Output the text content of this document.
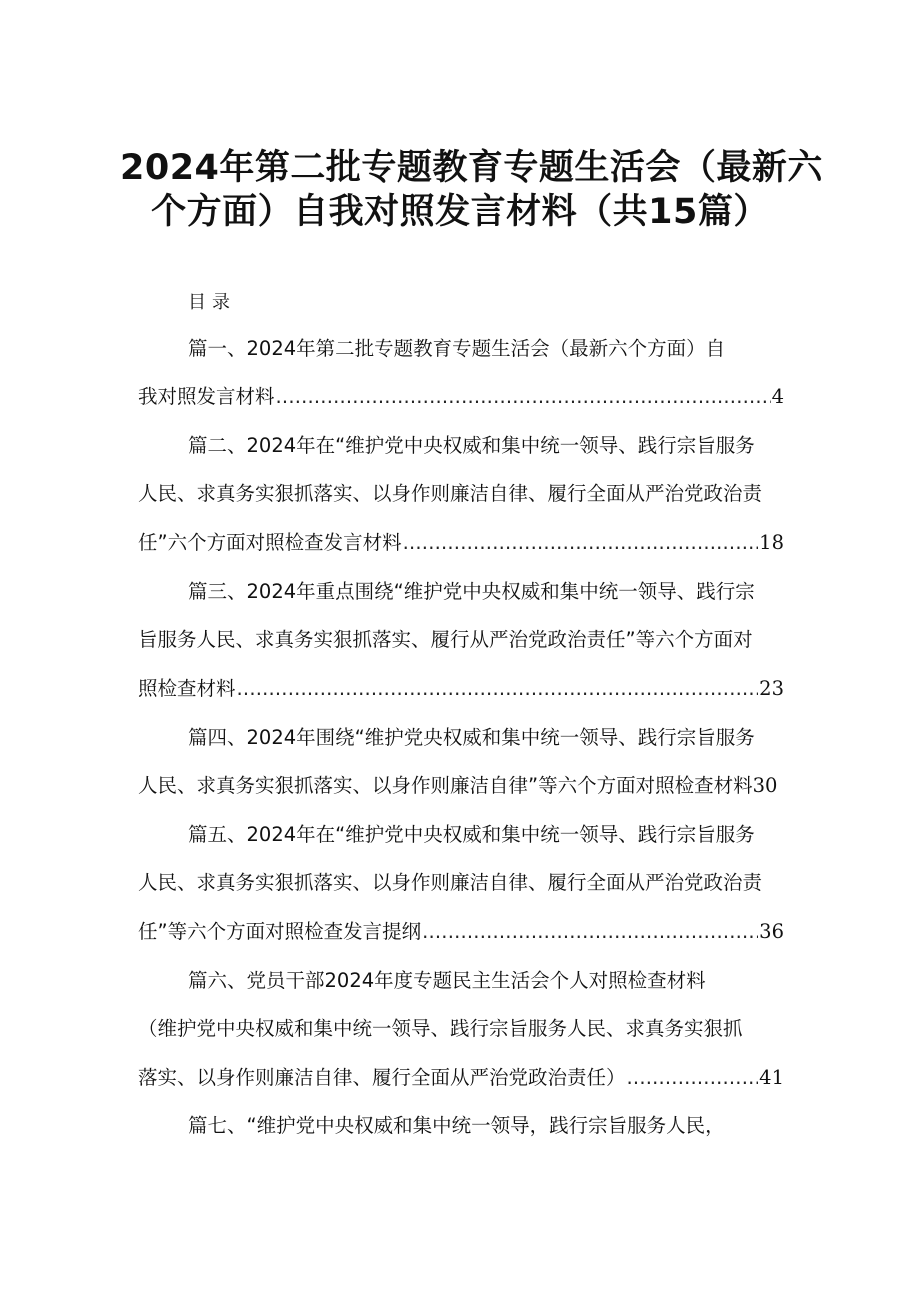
2024年第二批专题教育专题生活会（最新六
个方面）自我对照发言材料（共15篇）
目录
篇一、2024年第二批专题教育专题生活会（最新六个方面）自
我对照发言材料 .....	4
篇二、2024年在“维护党中央权威和集中统一领导、践行宗旨服务
人民、求真务实狠抓落实、以身作则廉洁自律、履行全面从严治党政治责
任”六个方面对照检查发言材料 .....	18
篇三、2024年重点围绕“维护党中央权威和集中统一领导、践行宗
旨服务人民、求真务实狠抓落实、履行从严治党政治责任”等六个方面对
照检查材料 .....	23
篇四、2024年围绕“维护党央权威和集中统一领导、践行宗旨服务
人民、求真务实狠抓落实、以身作则廉洁自律”等六个方面对照检查材料 30
篇五、2024年在“维护党中央权威和集中统一领导、践行宗旨服务
人民、求真务实狠抓落实、以身作则廉洁自律、履行全面从严治党政治责
任”等六个方面对照检查发言提纲 .....	36
篇六、党员干部2024年度专题民主生活会个人对照检查材料
（维护党中央权威和集中统一领导、践行宗旨服务人民、求真务实狠抓
落实、以身作则廉洁自律、履行全面从严治党政治责任） .....	41
篇七、“维护党中央权威和集中统一领导，践行宗旨服务人民，
